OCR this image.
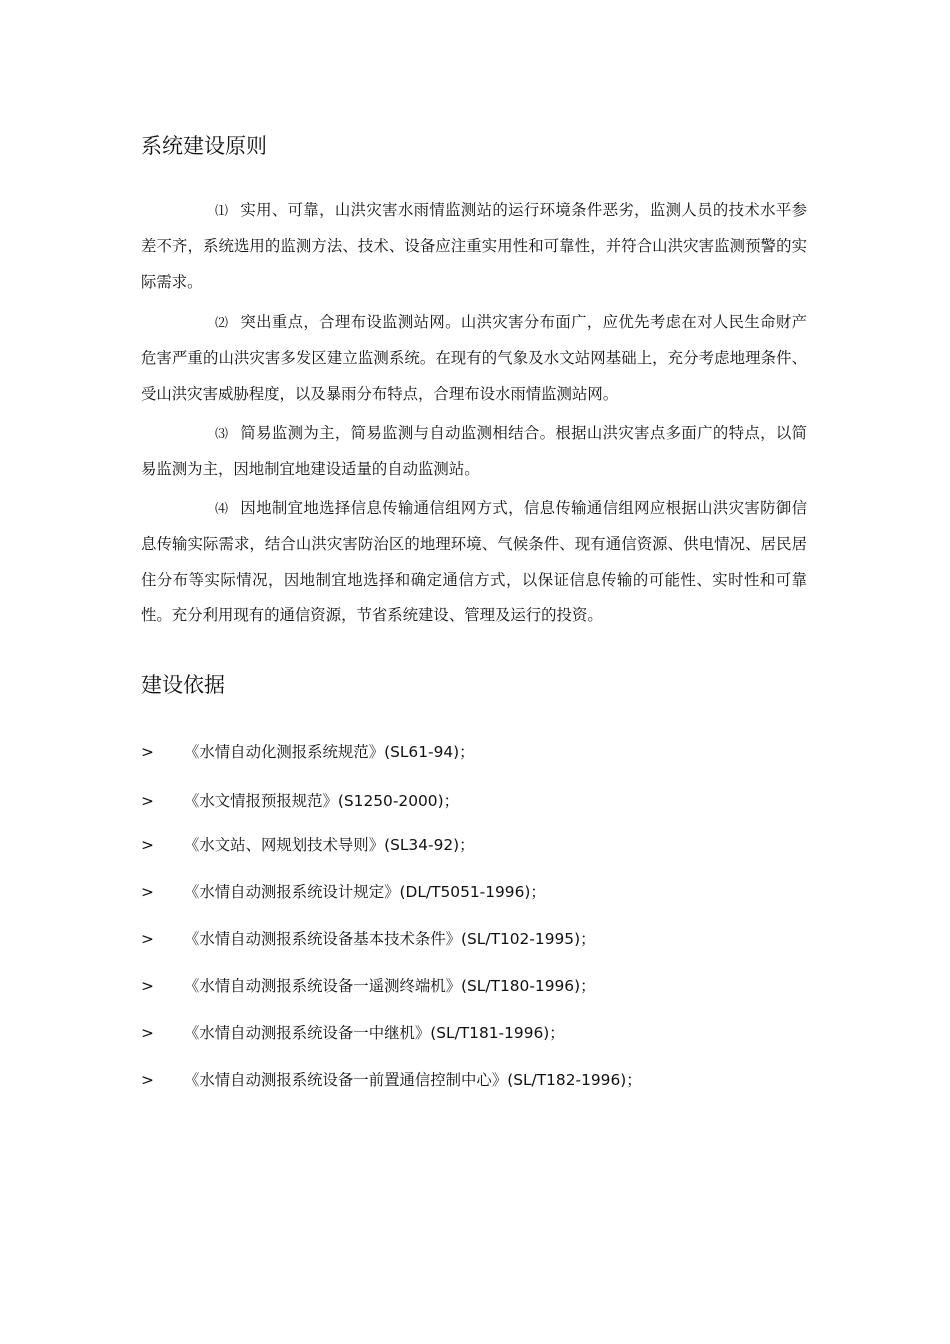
系统建设原则

⑴ 实用、可靠，山洪灾害水雨情监测站的运行环境条件恶劣，监测人员的技术水平参差不齐，系统选用的监测方法、技术、设备应注重实用性和可靠性，并符合山洪灾害监测预警的实际需求。

⑵ 突出重点，合理布设监测站网。山洪灾害分布面广，应优先考虑在对人民生命财产危害严重的山洪灾害多发区建立监测系统。在现有的气象及水文站网基础上，充分考虑地理条件、受山洪灾害威胁程度，以及暴雨分布特点，合理布设水雨情监测站网。

⑶ 简易监测为主，简易监测与自动监测相结合。根据山洪灾害点多面广的特点，以简易监测为主，因地制宜地建设适量的自动监测站。

⑷ 因地制宜地选择信息传输通信组网方式，信息传输通信组网应根据山洪灾害防御信息传输实际需求，结合山洪灾害防治区的地理环境、气候条件、现有通信资源、供电情况、居民居住分布等实际情况，因地制宜地选择和确定通信方式，以保证信息传输的可能性、实时性和可靠性。充分利用现有的通信资源，节省系统建设、管理及运行的投资。

建设依据
> 《水情自动化测报系统规范》(SL61-94)；
> 《水文情报预报规范》(S1250-2000)；
> 《水文站、网规划技术导则》(SL34-92)；
> 《水情自动测报系统设计规定》(DL/T5051-1996)；
> 《水情自动测报系统设备基本技术条件》(SL/T102-1995)；
> 《水情自动测报系统设备一遥测终端机》(SL/T180-1996)；
> 《水情自动测报系统设备一中继机》(SL/T181-1996)；
> 《水情自动测报系统设备一前置通信控制中心》(SL/T182-1996)；
